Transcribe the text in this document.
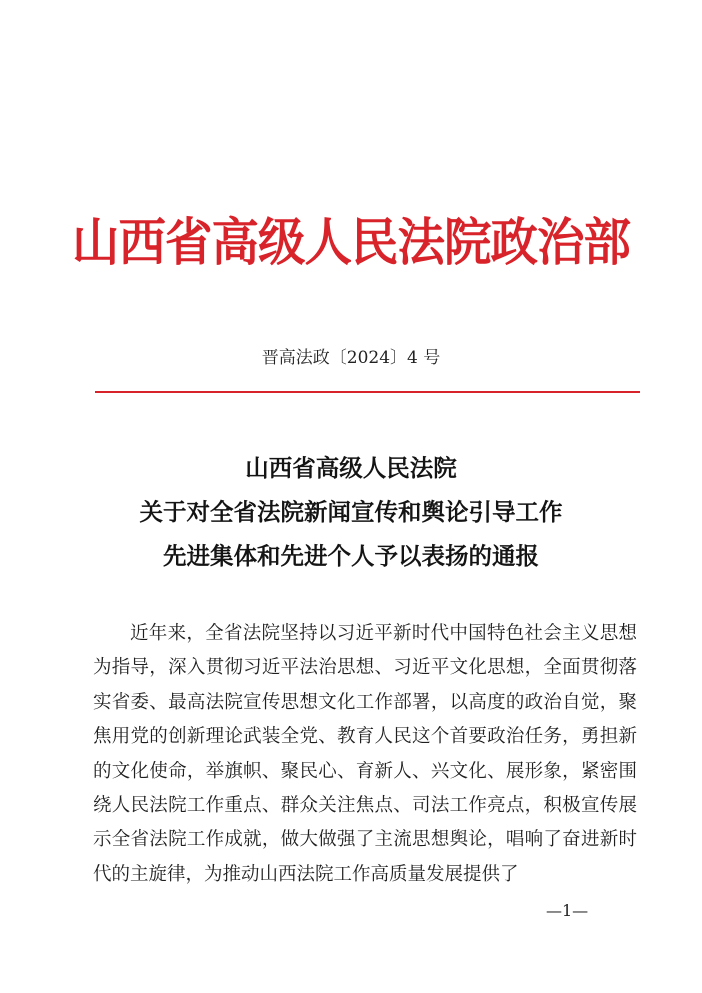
山西省高级人民法院政治部
晋高法政〔2024〕4 号
山西省高级人民法院
关于对全省法院新闻宣传和舆论引导工作
先进集体和先进个人予以表扬的通报

近年来，全省法院坚持以习近平新时代中国特色社会主义思想为指导，深入贯彻习近平法治思想、习近平文化思想，全面贯彻落实省委、最高法院宣传思想文化工作部署，以高度的政治自觉，聚焦用党的创新理论武装全党、教育人民这个首要政治任务，勇担新的文化使命，举旗帜、聚民心、育新人、兴文化、展形象，紧密围绕人民法院工作重点、群众关注焦点、司法工作亮点，积极宣传展示全省法院工作成就，做大做强了主流思想舆论，唱响了奋进新时代的主旋律，为推动山西法院工作高质量发展提供了

—1—
